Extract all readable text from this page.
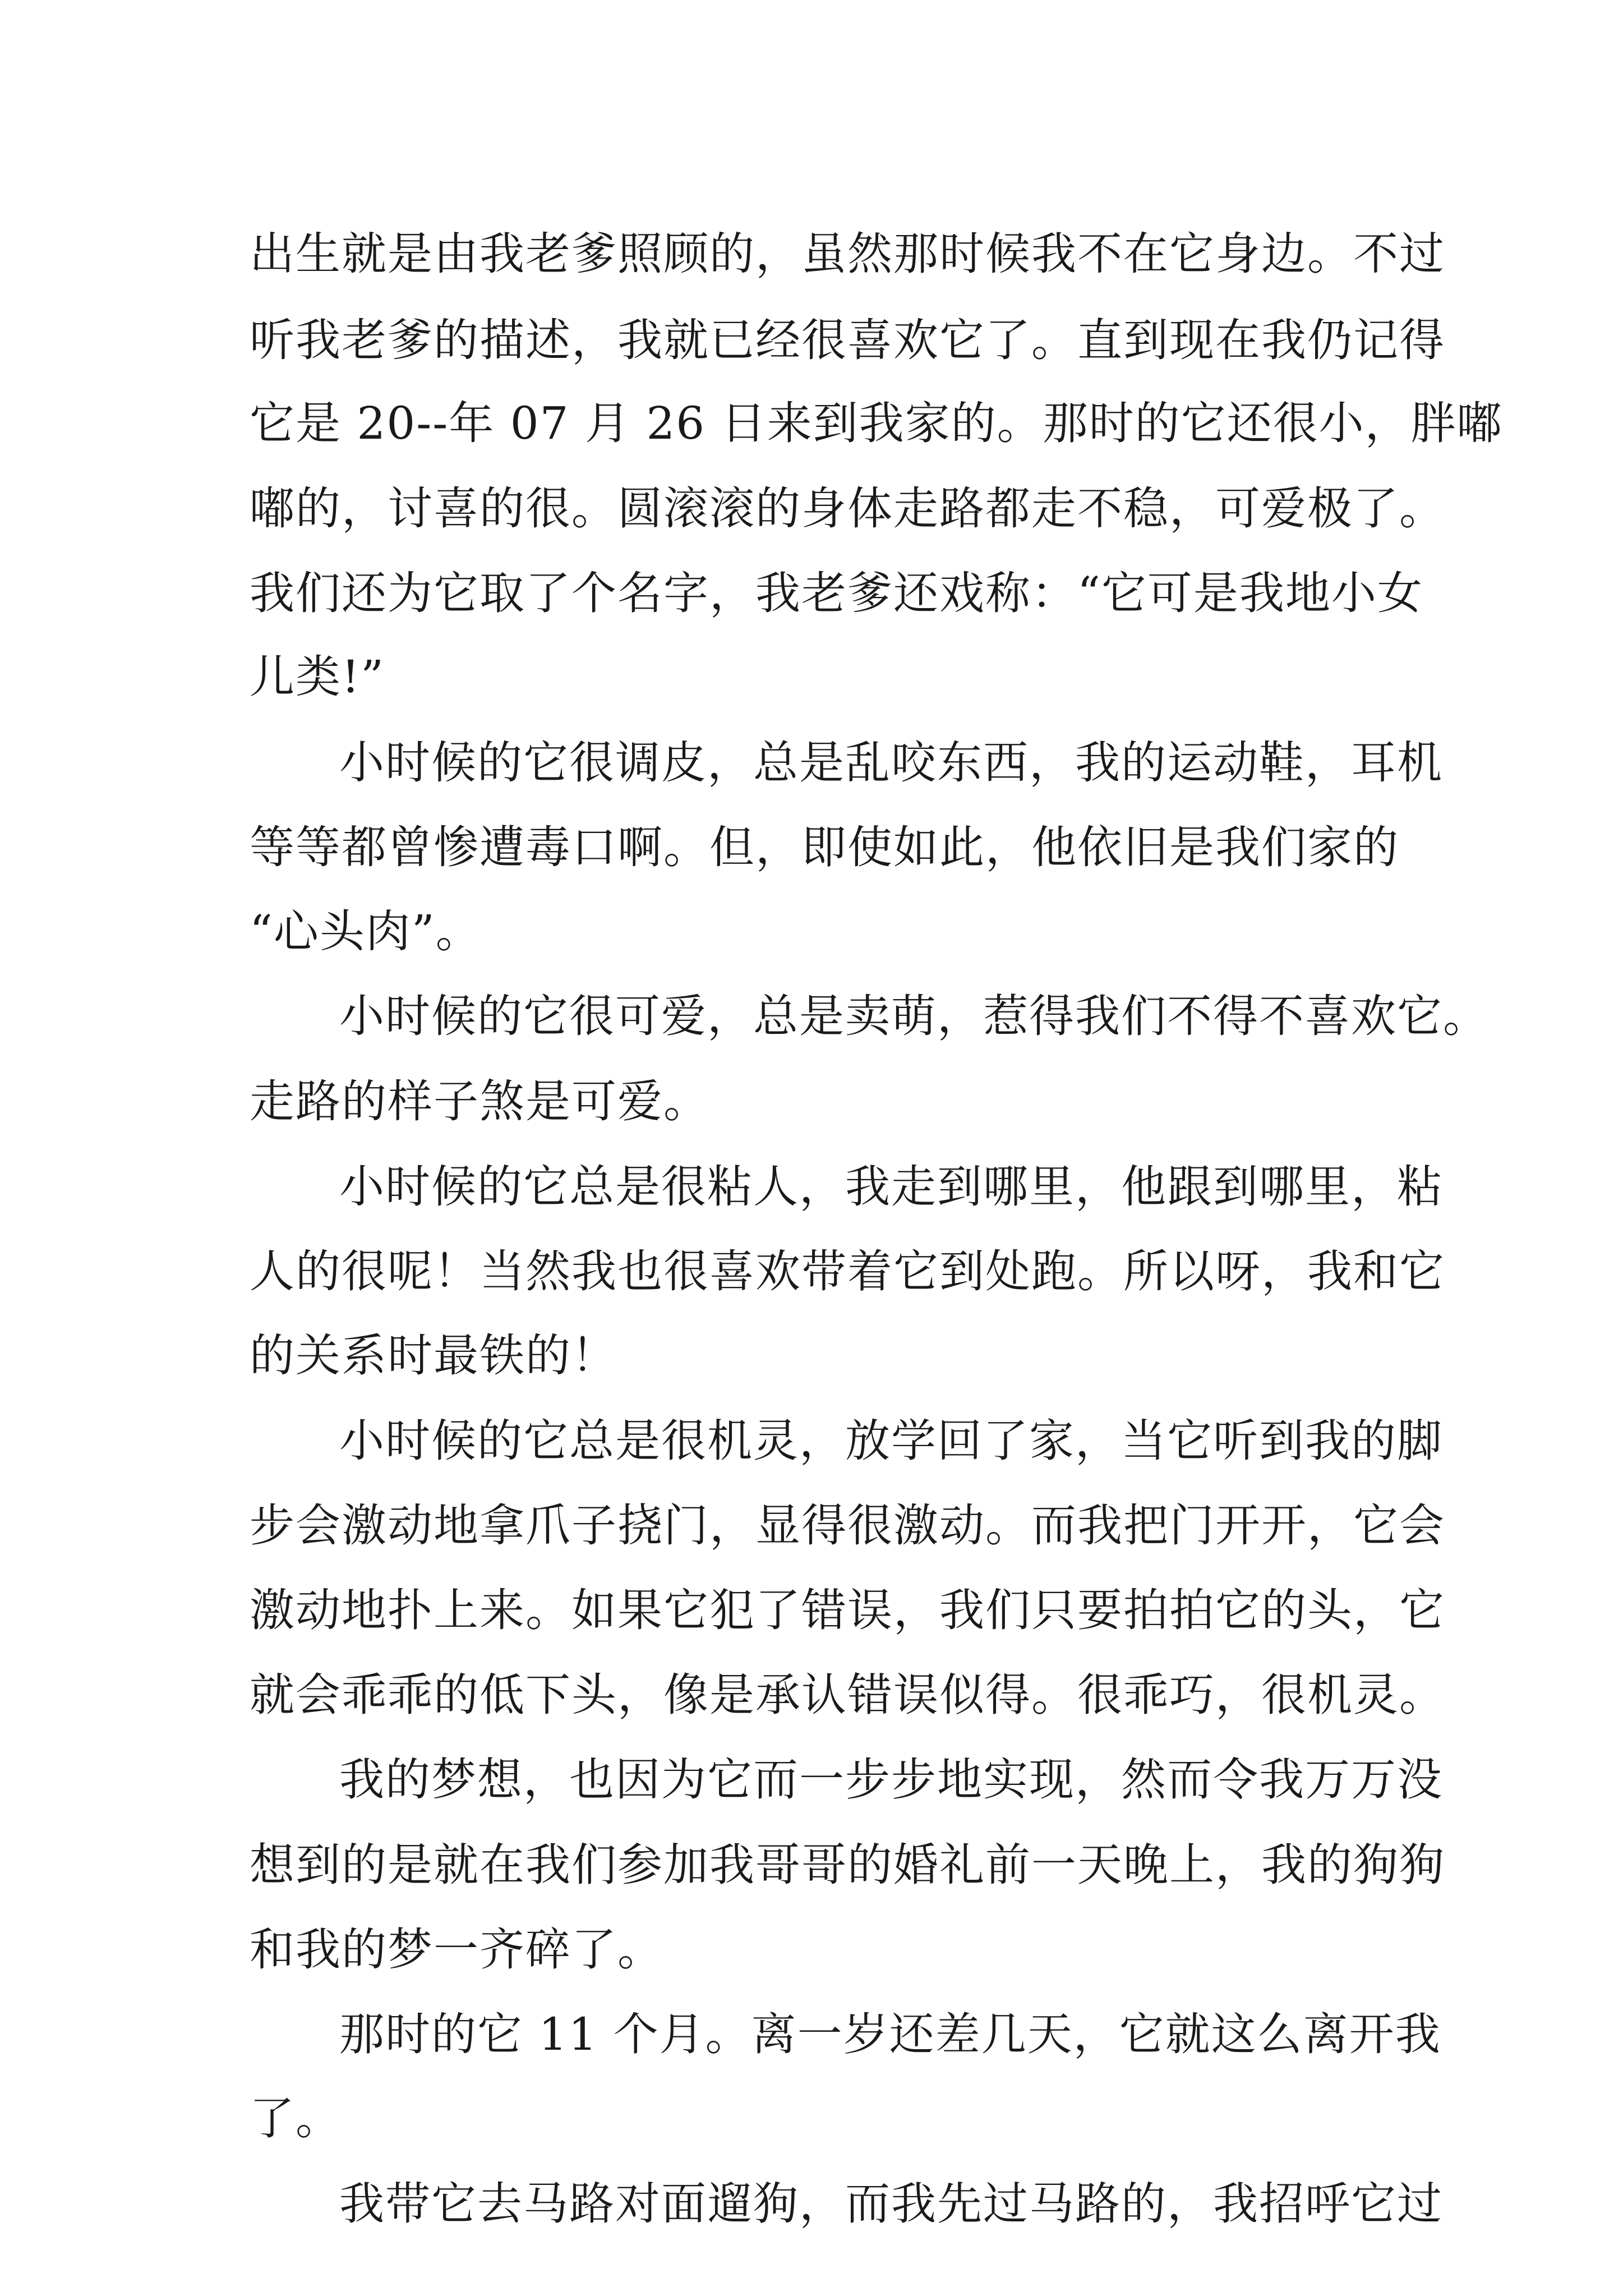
出生就是由我老爹照顾的，虽然那时候我不在它身边。不过
听我老爹的描述，我就已经很喜欢它了。直到现在我仍记得
它是 20--年 07 月 26 日来到我家的。那时的它还很小，胖嘟
嘟的，讨喜的很。圆滚滚的身体走路都走不稳，可爱极了。
我们还为它取了个名字，我老爹还戏称：“它可是我地小女
儿类!”
小时候的它很调皮，总是乱咬东西，我的运动鞋，耳机
等等都曾惨遭毒口啊。但，即使如此，他依旧是我们家的
“心头肉”。
小时候的它很可爱，总是卖萌，惹得我们不得不喜欢它。
走路的样子煞是可爱。
小时候的它总是很粘人，我走到哪里，他跟到哪里，粘
人的很呢！当然我也很喜欢带着它到处跑。所以呀，我和它
的关系时最铁的！
小时候的它总是很机灵，放学回了家，当它听到我的脚
步会激动地拿爪子挠门，显得很激动。而我把门开开，它会
激动地扑上来。如果它犯了错误，我们只要拍拍它的头，它
就会乖乖的低下头，像是承认错误似得。很乖巧，很机灵。
我的梦想，也因为它而一步步地实现，然而令我万万没
想到的是就在我们参加我哥哥的婚礼前一天晚上，我的狗狗
和我的梦一齐碎了。
那时的它 11 个月。离一岁还差几天，它就这么离开我
了。
我带它去马路对面遛狗，而我先过马路的，我招呼它过
